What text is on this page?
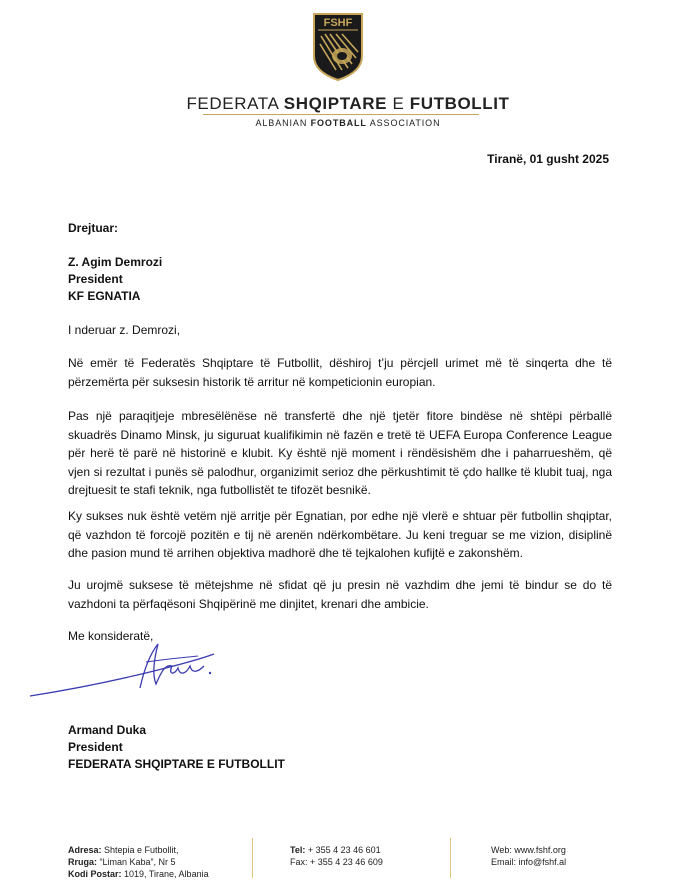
FSHF
FEDERATA SHQIPTARE E FUTBOLLIT
ALBANIAN FOOTBALL ASSOCIATION
Tiranë, 01 gusht 2025
Drejtuar:
Z. Agim Demrozi
President
KF EGNATIA
I nderuar z. Demrozi,

Në emër të Federatës Shqiptare të Futbollit, dëshiroj t’ju përcjell urimet më të sinqerta dhe të përzemërta për suksesin historik të arritur në kompeticionin europian.

Pas një paraqitjeje mbresëlënëse në transfertë dhe një tjetër fitore bindëse në shtëpi përballë skuadrës Dinamo Minsk, ju siguruat kualifikimin në fazën e tretë të UEFA Europa Conference League për herë të parë në historinë e klubit. Ky është një moment i rëndësishëm dhe i paharrueshëm, që vjen si rezultat i punës së palodhur, organizimit serioz dhe përkushtimit të çdo hallke të klubit tuaj, nga drejtuesit te stafi teknik, nga futbollistët te tifozët besnikë.

Ky sukses nuk është vetëm një arritje për Egnatian, por edhe një vlerë e shtuar për futbollin shqiptar, që vazhdon të forcojë pozitën e tij në arenën ndërkombëtare. Ju keni treguar se me vizion, disiplinë dhe pasion mund të arrihen objektiva madhorë dhe të tejkalohen kufijtë e zakonshëm.

Ju urojmë suksese të mëtejshme në sfidat që ju presin në vazhdim dhe jemi të bindur se do të vazhdoni ta përfaqësoni Shqipërinë me dinjitet, krenari dhe ambicie.

Me konsideratë,
Armand Duka
President
FEDERATA SHQIPTARE E FUTBOLLIT
Adresa: Shtepia e Futbollit,
Rruga: “Liman Kaba”, Nr 5
Kodi Postar: 1019, Tirane, Albania
Tel: + 355 4 23 46 601
Fax: + 355 4 23 46 609
Web: www.fshf.org
Email: info@fshf.al
